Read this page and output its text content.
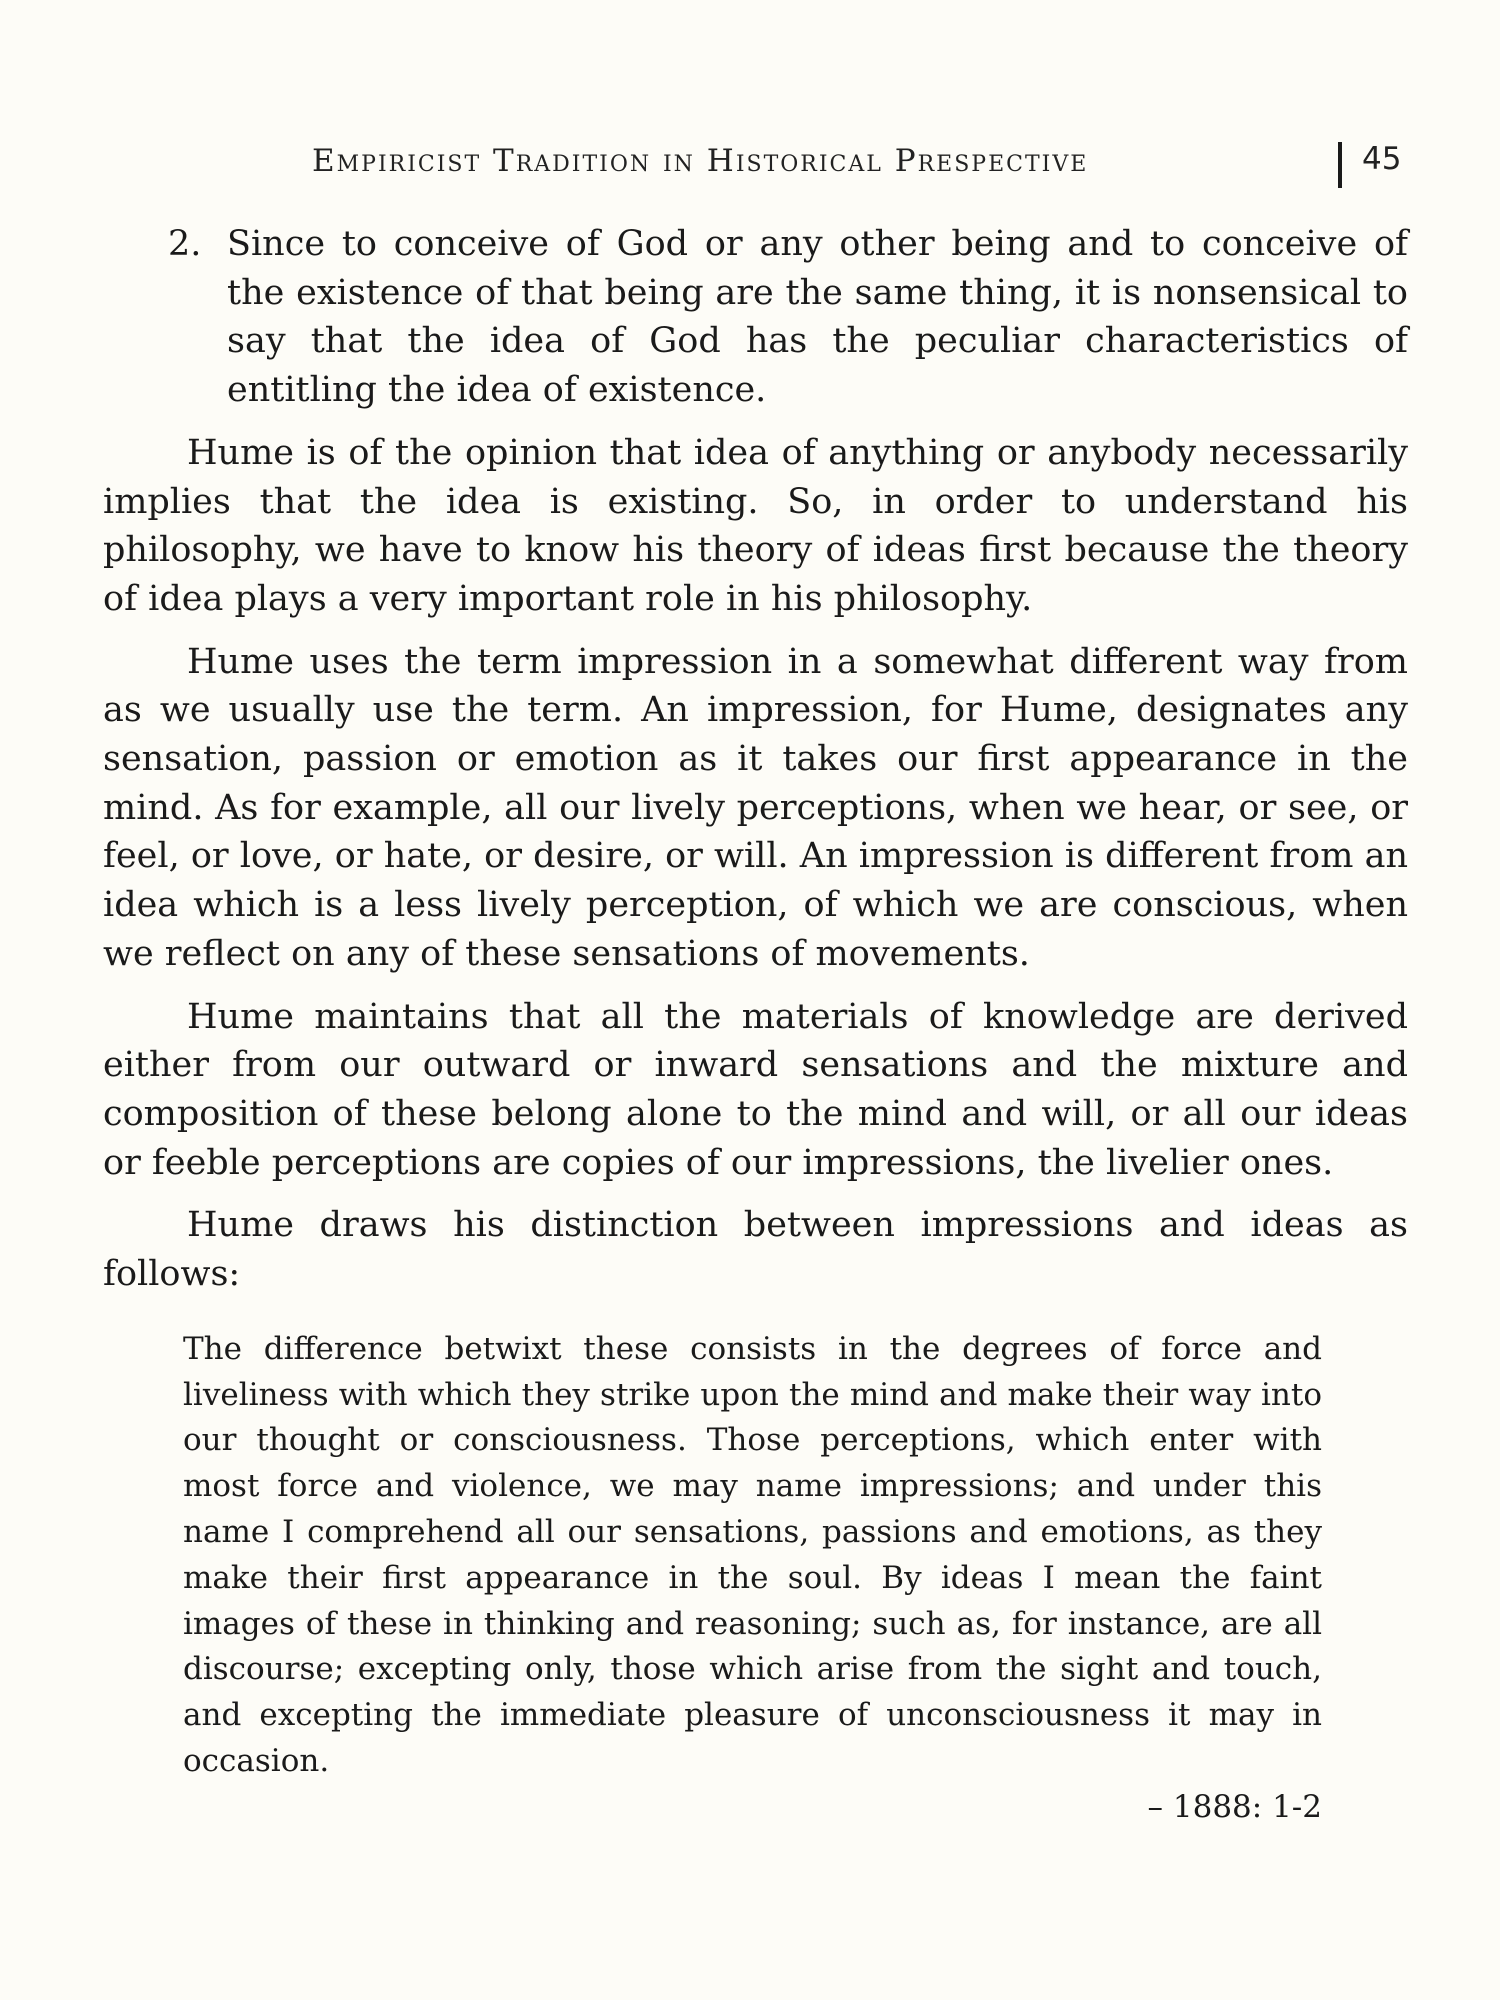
Empiricist Tradition in Historical Prespective	45
2. Since to conceive of God or any other being and to conceive of the existence of that being are the same thing, it is nonsensical to say that the idea of God has the peculiar characteristics of entitling the idea of existence.

Hume is of the opinion that idea of anything or anybody necessarily implies that the idea is existing. So, in order to understand his philosophy, we have to know his theory of ideas first because the theory of idea plays a very important role in his philosophy.

Hume uses the term impression in a somewhat different way from as we usually use the term. An impression, for Hume, designates any sensation, passion or emotion as it takes our first appearance in the mind. As for example, all our lively perceptions, when we hear, or see, or feel, or love, or hate, or desire, or will. An impression is different from an idea which is a less lively perception, of which we are conscious, when we reflect on any of these sensations of movements.

Hume maintains that all the materials of knowledge are derived either from our outward or inward sensations and the mixture and composition of these belong alone to the mind and will, or all our ideas or feeble perceptions are copies of our impressions, the livelier ones.

Hume draws his distinction between impressions and ideas as follows:

The difference betwixt these consists in the degrees of force and liveliness with which they strike upon the mind and make their way into our thought or consciousness. Those perceptions, which enter with most force and violence, we may name impressions; and under this name I comprehend all our sensations, passions and emotions, as they make their first appearance in the soul. By ideas I mean the faint images of these in thinking and reasoning; such as, for instance, are all discourse; excepting only, those which arise from the sight and touch, and excepting the immediate pleasure of unconsciousness it may in occasion.
– 1888: 1-2
